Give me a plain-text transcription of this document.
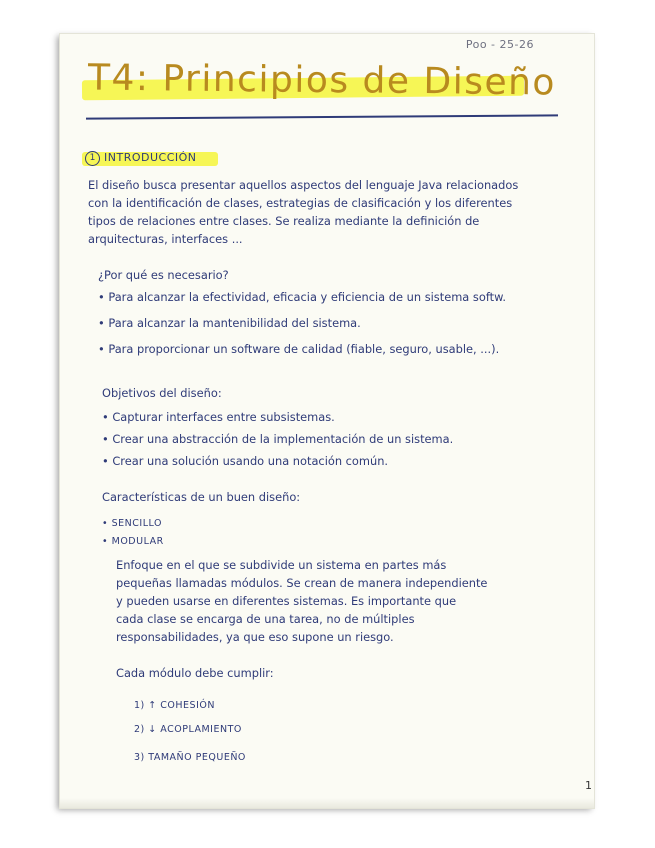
Poo - 25-26
T4: Principios de Diseño
1 INTRODUCCIÓN
El diseño busca presentar aquellos aspectos del lenguaje Java relacionados
con la identificación de clases, estrategias de clasificación y los diferentes
tipos de relaciones entre clases. Se realiza mediante la definición de
arquitecturas, interfaces ...
¿Por qué es necesario?
• Para alcanzar la efectividad, eficacia y eficiencia de un sistema softw.
• Para alcanzar la mantenibilidad del sistema.
• Para proporcionar un software de calidad (fiable, seguro, usable, ...).
Objetivos del diseño:
• Capturar interfaces entre subsistemas.
• Crear una abstracción de la implementación de un sistema.
• Crear una solución usando una notación común.
Características de un buen diseño:
• SENCILLO
• MODULAR
Enfoque en el que se subdivide un sistema en partes más
pequeñas llamadas módulos. Se crean de manera independiente
y pueden usarse en diferentes sistemas. Es importante que
cada clase se encarga de una tarea, no de múltiples
responsabilidades, ya que eso supone un riesgo.
Cada módulo debe cumplir:
1) ↑ COHESIÓN
2) ↓ ACOPLAMIENTO
3) TAMAÑO PEQUEÑO
1
